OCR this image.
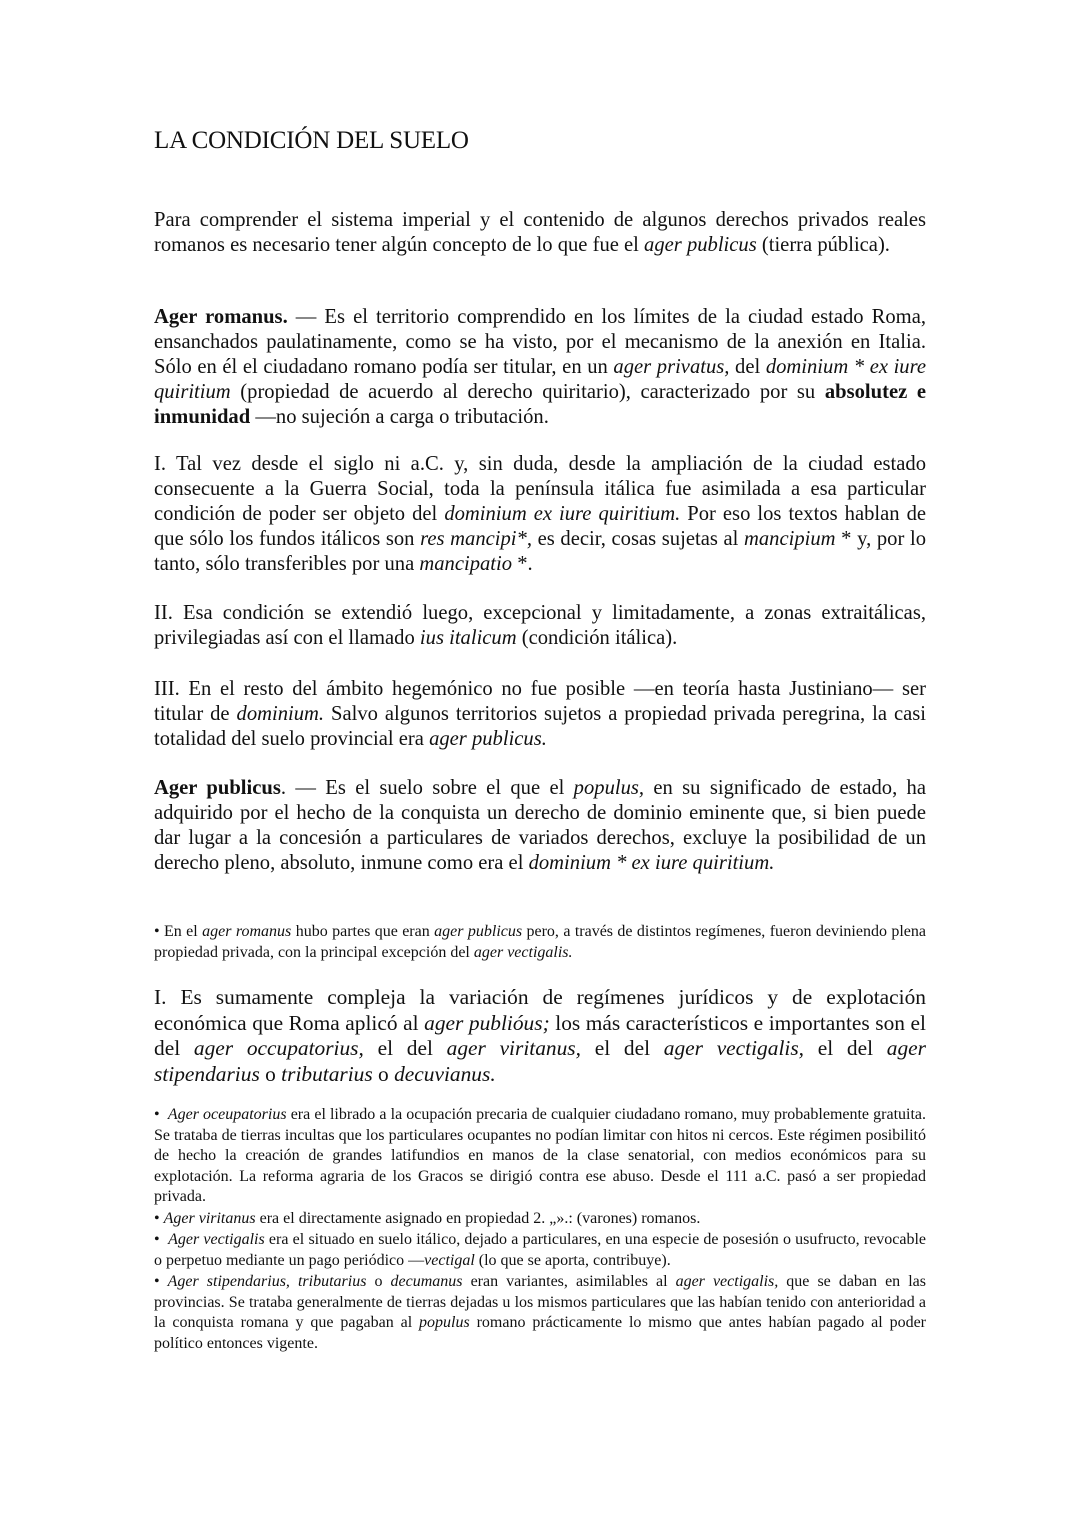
LA CONDICIÓN DEL SUELO

Para comprender el sistema imperial y el contenido de algunos derechos privados reales romanos es necesario tener algún concepto de lo que fue el ager publicus (tierra pública).

Ager romanus. — Es el territorio comprendido en los límites de la ciudad estado Roma, ensanchados paulatinamente, como se ha visto, por el mecanismo de la anexión en Italia. Sólo en él el ciudadano romano podía ser titular, en un ager privatus, del dominium * ex iure quiritium (propiedad de acuerdo al derecho quiritario), caracterizado por su absolutez e inmunidad —no sujeción a carga o tributación.

I. Tal vez desde el siglo ni a.C. y, sin duda, desde la ampliación de la ciudad estado consecuente a la Guerra Social, toda la península itálica fue asimilada a esa particular condición de poder ser objeto del dominium ex iure quiritium. Por eso los textos hablan de que sólo los fundos itálicos son res mancipi*, es decir, cosas sujetas al mancipium * y, por lo tanto, sólo transferibles por una mancipatio *.

II. Esa condición se extendió luego, excepcional y limitadamente, a zonas extraitálicas, privilegiadas así con el llamado ius italicum (condición itálica).

III. En el resto del ámbito hegemónico no fue posible —en teoría hasta Justiniano— ser titular de dominium. Salvo algunos territorios sujetos a propiedad privada peregrina, la casi totalidad del suelo provincial era ager publicus.

Ager publicus. — Es el suelo sobre el que el populus, en su significado de estado, ha adquirido por el hecho de la conquista un derecho de dominio eminente que, si bien puede dar lugar a la concesión a particulares de variados derechos, excluye la posibilidad de un derecho pleno, absoluto, inmune como era el dominium * ex iure quiritium.

• En el ager romanus hubo partes que eran ager publicus pero, a través de distintos regímenes, fueron deviniendo plena propiedad privada, con la principal excepción del ager vectigalis.

I. Es sumamente compleja la variación de regímenes jurídicos y de explotación económica que Roma aplicó al ager publióus; los más característicos e importantes son el del ager occupatorius, el del ager viritanus, el del ager vectigalis, el del ager stipendarius o tributarius o decuvianus.

• Ager oceupatorius era el librado a la ocupación precaria de cualquier ciudadano romano, muy probablemente gratuita. Se trataba de tierras incultas que los particulares ocupantes no podían limitar con hitos ni cercos. Este régimen posibilitó de hecho la creación de grandes latifundios en manos de la clase senatorial, con medios económicos para su explotación. La reforma agraria de los Gracos se dirigió contra ese abuso. Desde el 111 a.C. pasó a ser propiedad privada.

• Ager viritanus era el directamente asignado en propiedad 2. „».: (varones) romanos.

• Ager vectigalis era el situado en suelo itálico, dejado a particulares, en una especie de posesión o usufructo, revocable o perpetuo mediante un pago periódico —vectigal (lo que se aporta, contribuye).

• Ager stipendarius, tributarius o decumanus eran variantes, asimilables al ager vectigalis, que se daban en las provincias. Se trataba generalmente de tierras dejadas u los mismos particulares que las habían tenido con anterioridad a la conquista romana y que pagaban al populus romano prácticamente lo mismo que antes habían pagado al poder político entonces vigente.
